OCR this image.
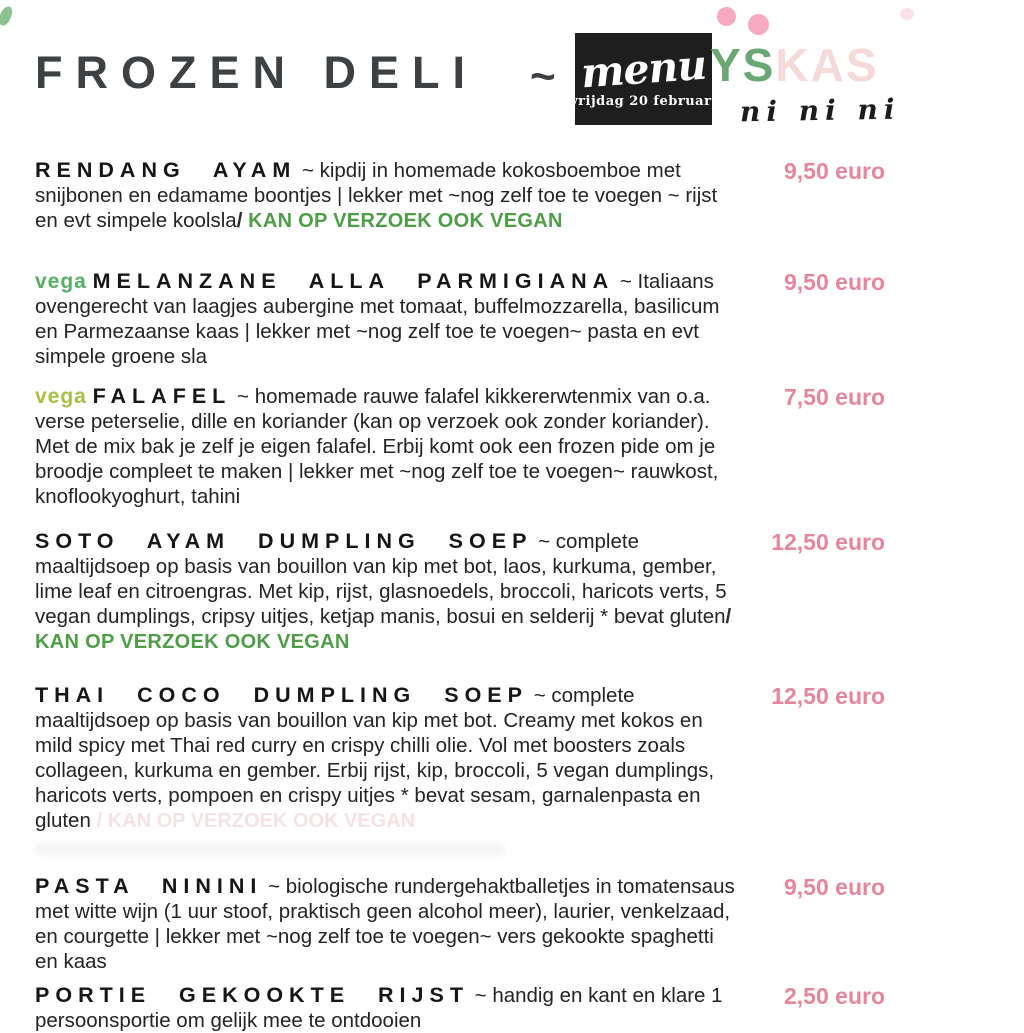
FROZEN DELI ~ menu
vrijdag 20 februari
YSKAS
ni ni ni
RENDANG AYAM ~ kipdij in homemade kokosboemboe met snijbonen en edamame boontjes | lekker met ~nog zelf toe te voegen ~ rijst en evt simpele koolsla/ KAN OP VERZOEK OOK VEGAN
9,50 euro
vega MELANZANE ALLA PARMIGIANA ~ Italiaans ovengerecht van laagjes aubergine met tomaat, buffelmozzarella, basilicum en Parmezaanse kaas | lekker met ~nog zelf toe te voegen~ pasta en evt simpele groene sla
9,50 euro
vega FALAFEL ~ homemade rauwe falafel kikkererwtenmix van o.a. verse peterselie, dille en koriander (kan op verzoek ook zonder koriander). Met de mix bak je zelf je eigen falafel. Erbij komt ook een frozen pide om je broodje compleet te maken | lekker met ~nog zelf toe te voegen~ rauwkost, knoflookyoghurt, tahini
7,50 euro
SOTO AYAM DUMPLING SOEP ~ complete maaltijdsoep op basis van bouillon van kip met bot, laos, kurkuma, gember, lime leaf en citroengras. Met kip, rijst, glasnoedels, broccoli, haricots verts, 5 vegan dumplings, cripsy uitjes, ketjap manis, bosui en selderij * bevat gluten/ KAN OP VERZOEK OOK VEGAN
12,50 euro
THAI COCO DUMPLING SOEP ~ complete maaltijdsoep op basis van bouillon van kip met bot. Creamy met kokos en mild spicy met Thai red curry en crispy chilli olie. Vol met boosters zoals collageen, kurkuma en gember. Erbij rijst, kip, broccoli, 5 vegan dumplings, haricots verts, pompoen en crispy uitjes * bevat sesam, garnalenpasta en gluten / KAN OP VERZOEK OOK VEGAN
12,50 euro
PASTA NININI ~ biologische rundergehaktballetjes in tomatensaus met witte wijn (1 uur stoof, praktisch geen alcohol meer), laurier, venkelzaad, en courgette | lekker met ~nog zelf toe te voegen~ vers gekookte spaghetti en kaas
9,50 euro
PORTIE GEKOOKTE RIJST ~ handig en kant en klare 1 persoonsportie om gelijk mee te ontdooien
2,50 euro
